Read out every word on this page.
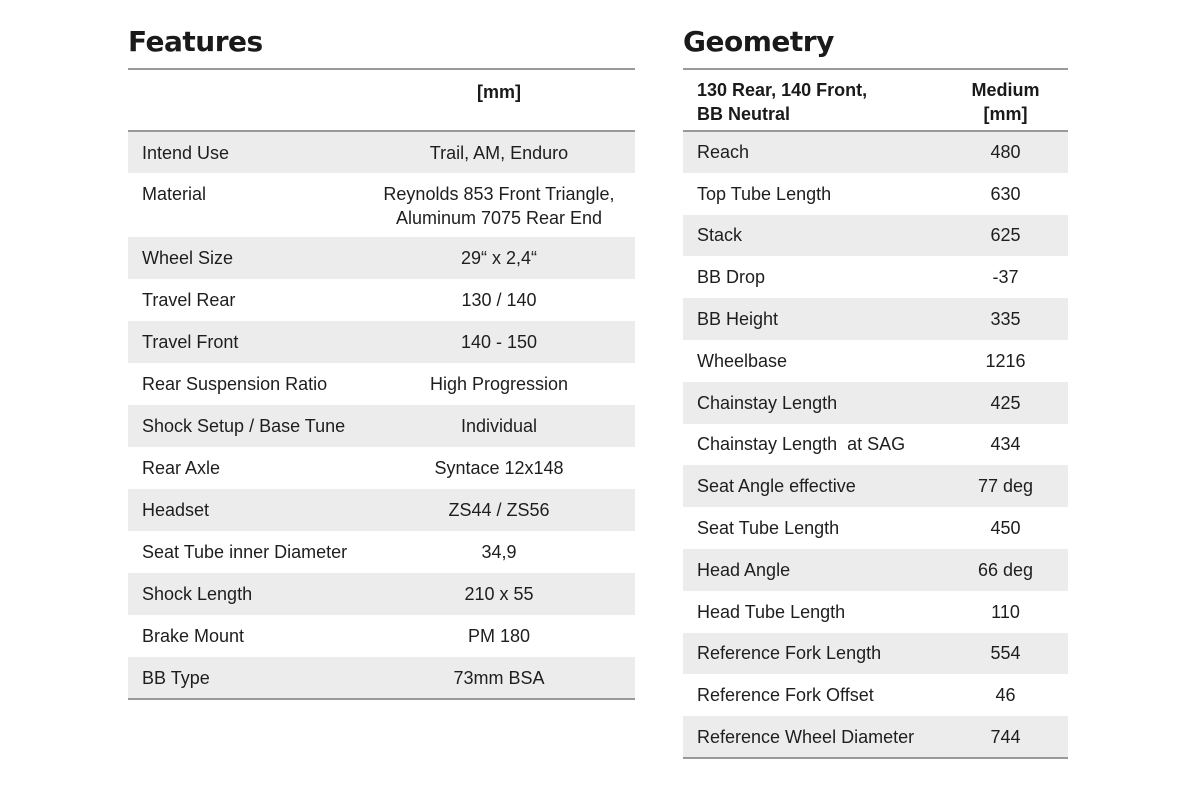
Features
	[mm]
Intend Use	Trail, AM, Enduro
Material	Reynolds 853 Front Triangle,
Aluminum 7075 Rear End

Wheel Size	29“ x 2,4“
Travel Rear	130 / 140
Travel Front	140 - 150
Rear Suspension Ratio	High Progression
Shock Setup / Base Tune	Individual
Rear Axle	Syntace 12x148
Headset	ZS44 / ZS56
Seat Tube inner Diameter	34,9
Shock Length	210 x 55
Brake Mount	PM 180
BB Type	73mm BSA
Geometry
130 Rear, 140 Front,
BB Neutral	Medium
[mm]

Reach	480
Top Tube Length	630
Stack	625
BB Drop	-37
BB Height	335
Wheelbase	1216
Chainstay Length	425
Chainstay Length  at SAG	434
Seat Angle effective	77 deg
Seat Tube Length	450
Head Angle	66 deg
Head Tube Length	110
Reference Fork Length	554
Reference Fork Offset	46
Reference Wheel Diameter	744
